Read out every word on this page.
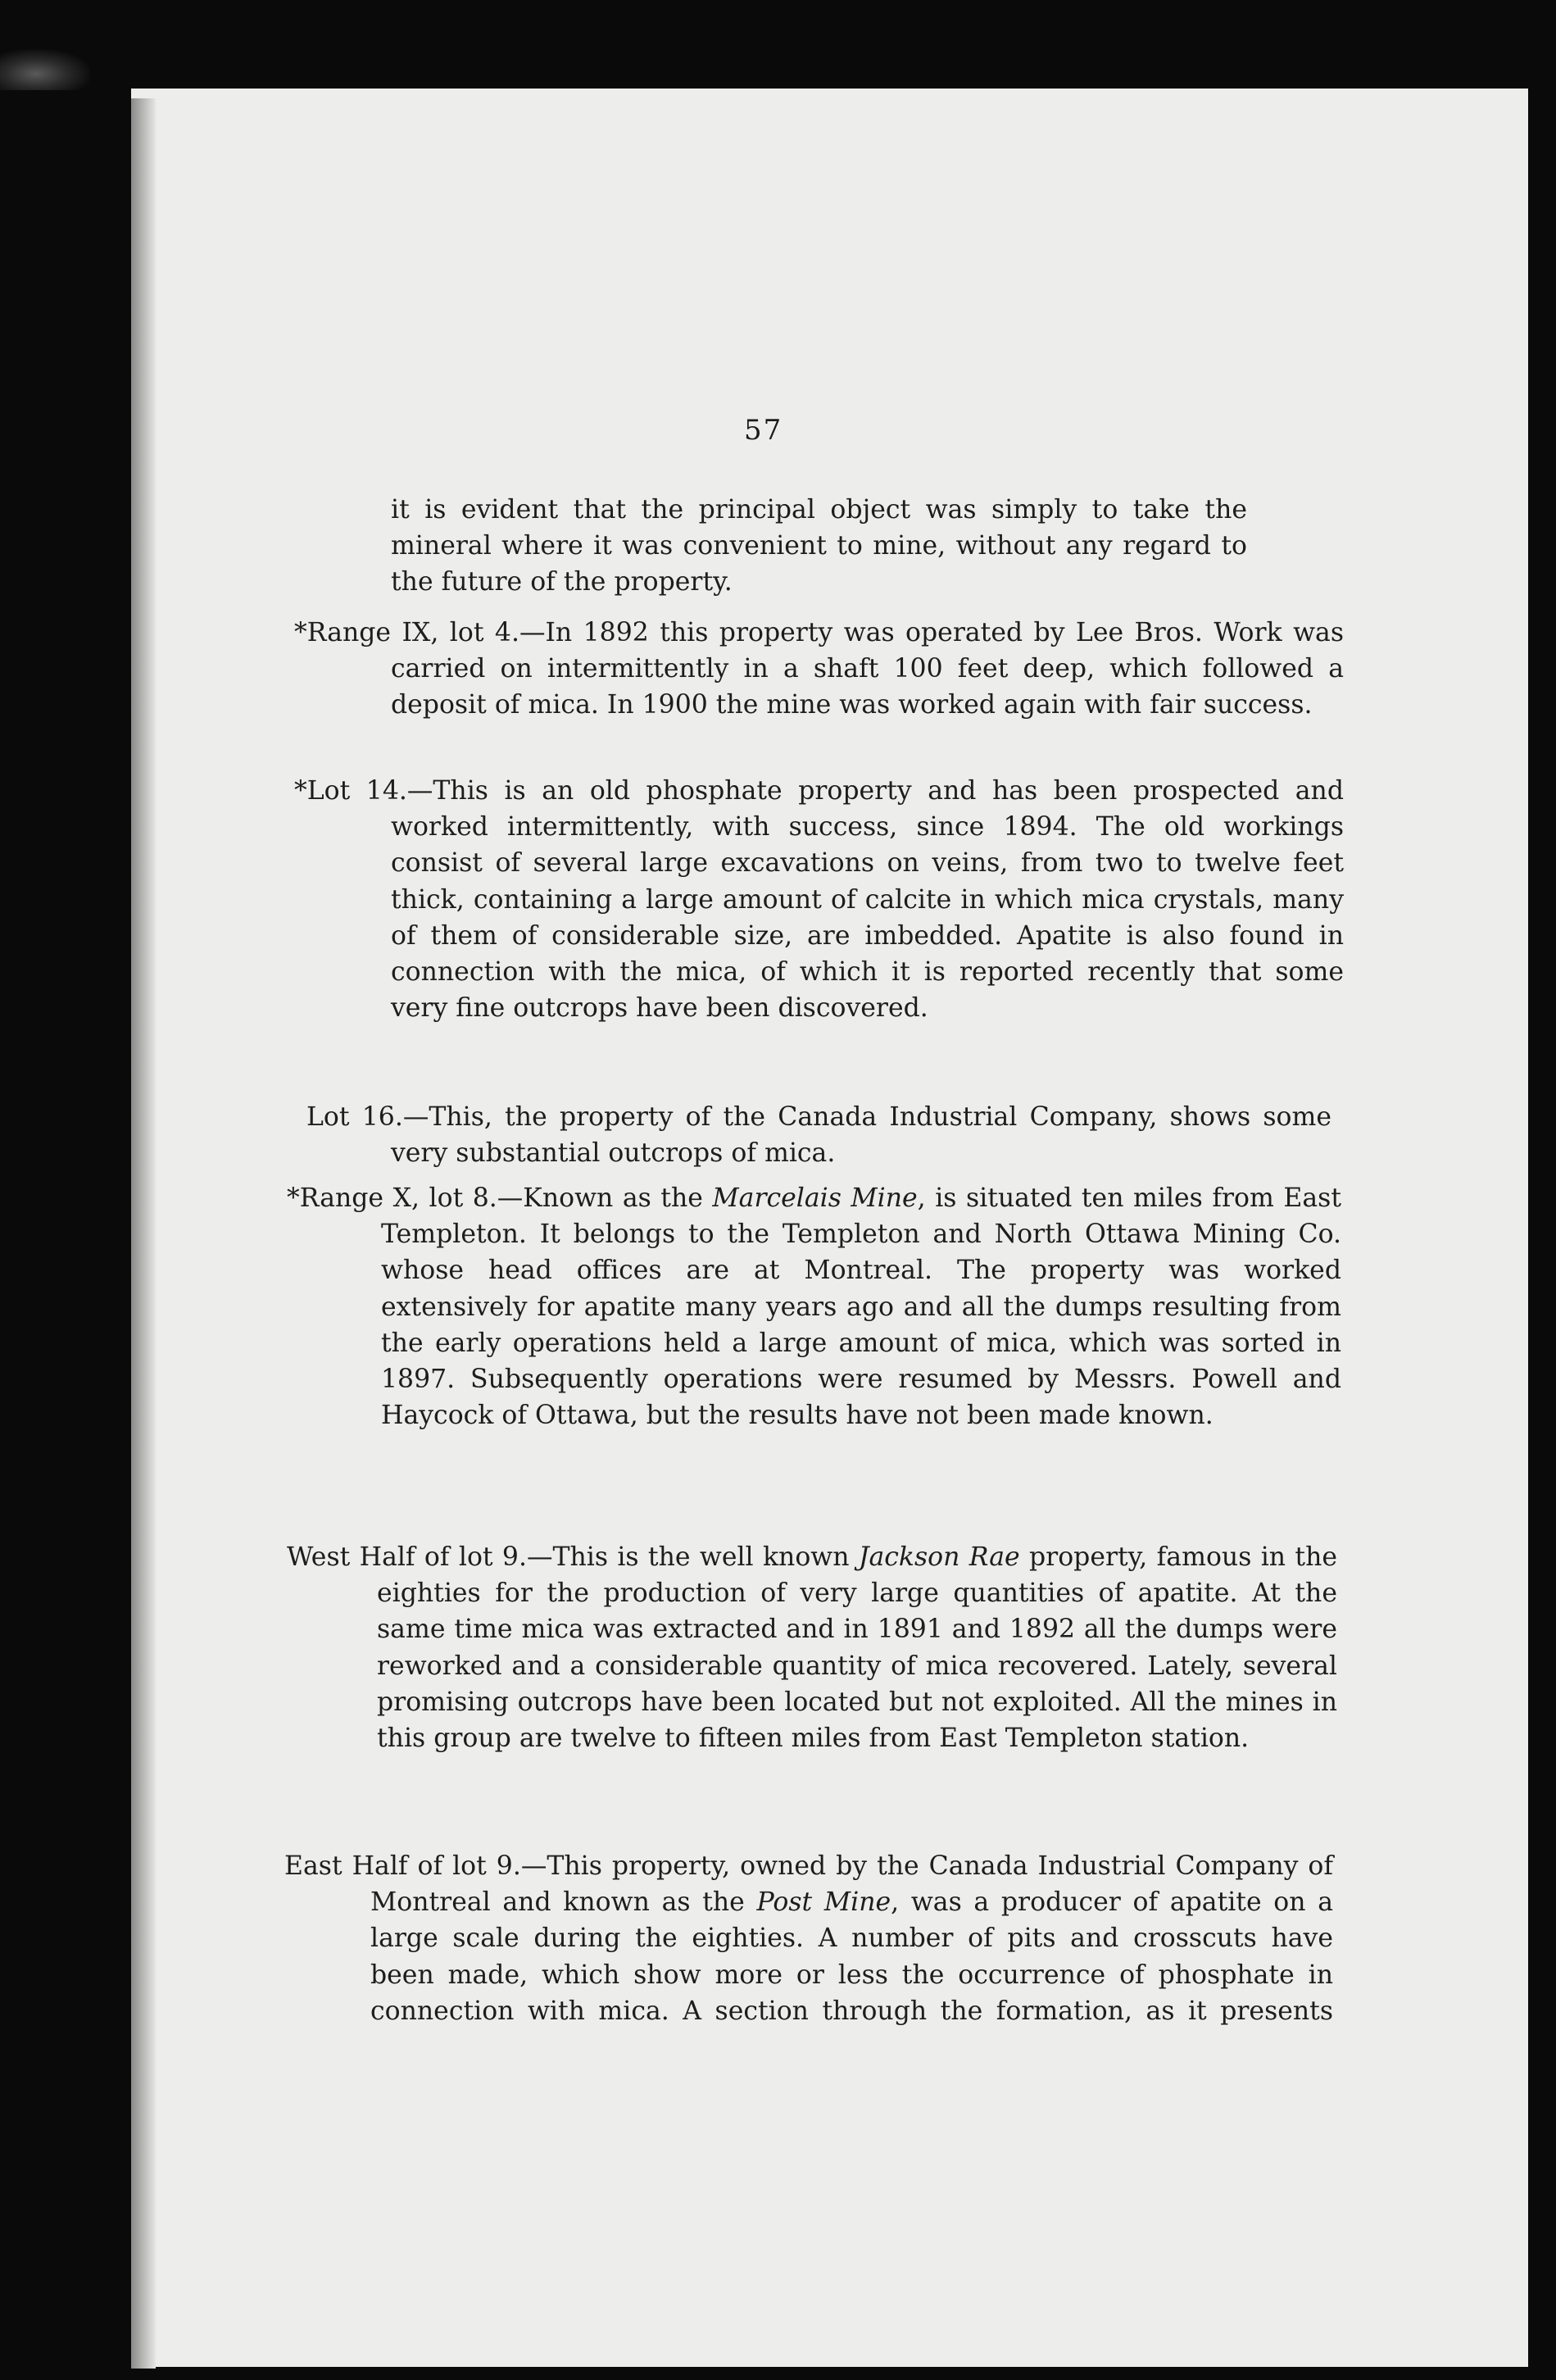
57

it is evident that the principal object was simply to take the mineral where it was convenient to mine, without any regard to the future of the property.

*Range IX, lot 4.—In 1892 this property was operated by Lee Bros. Work was carried on intermittently in a shaft 100 feet deep, which followed a deposit of mica. In 1900 the mine was worked again with fair success.

*Lot 14.—This is an old phosphate property and has been prospected and worked intermittently, with success, since 1894. The old workings consist of several large excavations on veins, from two to twelve feet thick, containing a large amount of calcite in which mica crystals, many of them of considerable size, are imbedded. Apatite is also found in connection with the mica, of which it is reported recently that some very fine outcrops have been discovered.

Lot 16.—This, the property of the Canada Industrial Company, shows some very substantial outcrops of mica.

*Range X, lot 8.—Known as the Marcelais Mine, is situated ten miles from East Templeton. It belongs to the Templeton and North Ottawa Mining Co. whose head offices are at Montreal. The property was worked extensively for apatite many years ago and all the dumps resulting from the early operations held a large amount of mica, which was sorted in 1897. Subsequently operations were resumed by Messrs. Powell and Haycock of Ottawa, but the results have not been made known.

West Half of lot 9.—This is the well known Jackson Rae property, famous in the eighties for the production of very large quantities of apatite. At the same time mica was extracted and in 1891 and 1892 all the dumps were reworked and a considerable quantity of mica recovered. Lately, several promising outcrops have been located but not exploited. All the mines in this group are twelve to fifteen miles from East Templeton station.

East Half of lot 9.—This property, owned by the Canada Industrial Company of Montreal and known as the Post Mine, was a producer of apatite on a large scale during the eighties. A number of pits and crosscuts have been made, which show more or less the occurrence of phosphate in connection with mica. A section through the formation, as it presents
